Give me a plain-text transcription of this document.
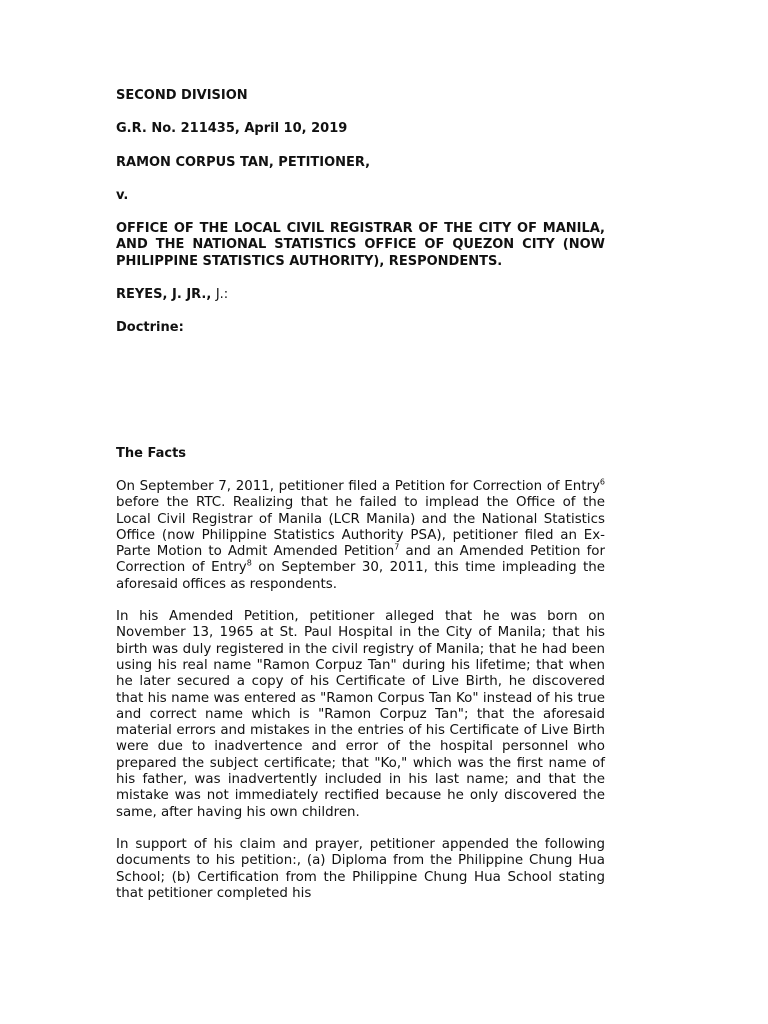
SECOND DIVISION

G.R. No. 211435, April 10, 2019

RAMON CORPUS TAN, PETITIONER,

v.

OFFICE OF THE LOCAL CIVIL REGISTRAR OF THE CITY OF MANILA, AND THE NATIONAL STATISTICS OFFICE OF QUEZON CITY (NOW PHILIPPINE STATISTICS AUTHORITY), RESPONDENTS.

REYES, J. JR., J.:

Doctrine:

The Facts

On September 7, 2011, petitioner filed a Petition for Correction of Entry$^6$ before the RTC. Realizing that he failed to implead the Office of the Local Civil Registrar of Manila (LCR Manila) and the National Statistics Office (now Philippine Statistics Authority PSA), petitioner filed an Ex-Parte Motion to Admit Amended Petition$^7$ and an Amended Petition for Correction of Entry$^8$ on September 30, 2011, this time impleading the aforesaid offices as respondents.

In his Amended Petition, petitioner alleged that he was born on November 13, 1965 at St. Paul Hospital in the City of Manila; that his birth was duly registered in the civil registry of Manila; that he had been using his real name "Ramon Corpuz Tan" during his lifetime; that when he later secured a copy of his Certificate of Live Birth, he discovered that his name was entered as "Ramon Corpus Tan Ko" instead of his true and correct name which is "Ramon Corpuz Tan"; that the aforesaid material errors and mistakes in the entries of his Certificate of Live Birth were due to inadvertence and error of the hospital personnel who prepared the subject certificate; that "Ko," which was the first name of his father, was inadvertently included in his last name; and that the mistake was not immediately rectified because he only discovered the same, after having his own children.

In support of his claim and prayer, petitioner appended the following documents to his petition:, (a) Diploma from the Philippine Chung Hua School; (b) Certification from the Philippine Chung Hua School stating that petitioner completed his
